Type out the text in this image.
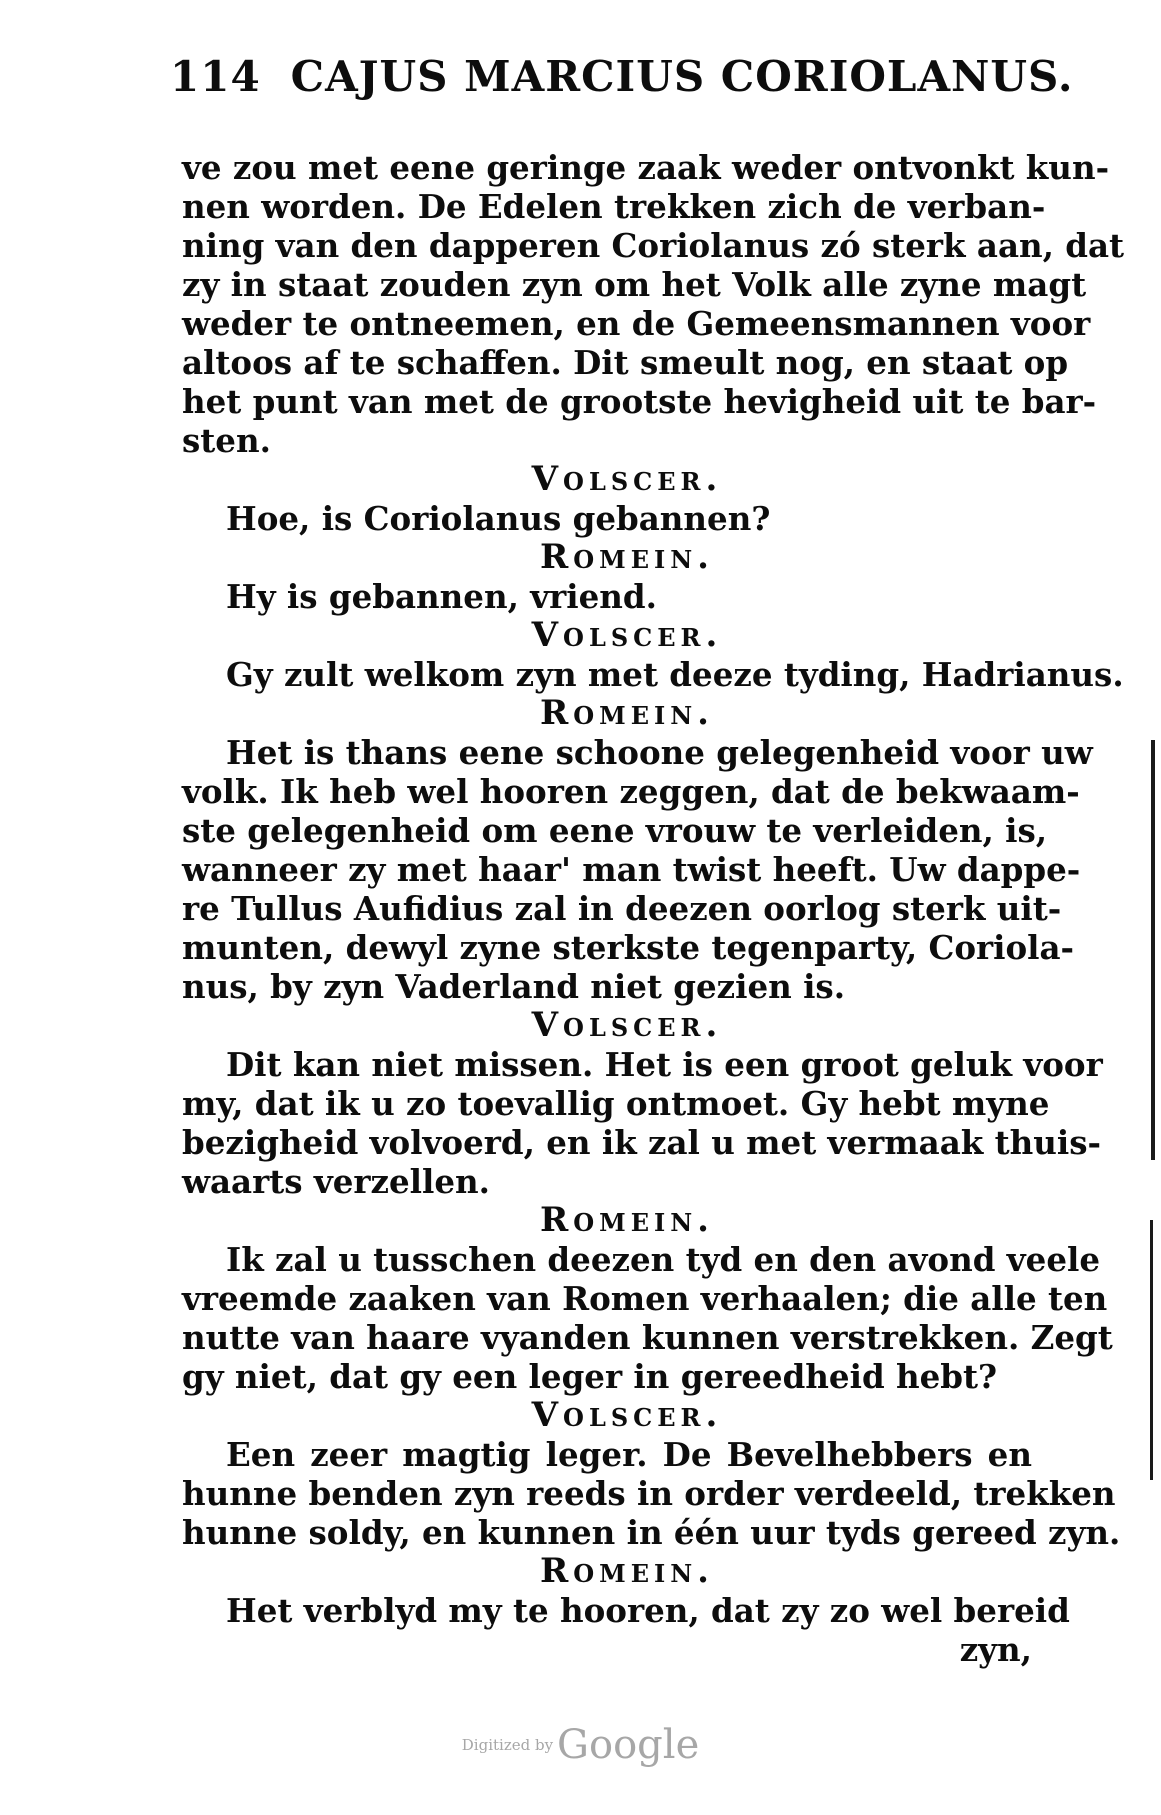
114 CAJUS MARCIUS CORIOLANUS.
ve zou met eene geringe zaak weder ontvonkt kun-
nen worden. De Edelen trekken zich de verban-
ning van den dapperen Coriolanus zó sterk aan, dat
zy in staat zouden zyn om het Volk alle zyne magt
weder te ontneemen, en de Gemeensmannen voor
altoos af te schaffen. Dit smeult nog, en staat op
het punt van met de grootste hevigheid uit te bar-
sten.
Volscer.
Hoe, is Coriolanus gebannen?
Romein.
Hy is gebannen, vriend.
Volscer.
Gy zult welkom zyn met deeze tyding, Hadrianus.
Romein.
Het is thans eene schoone gelegenheid voor uw
volk. Ik heb wel hooren zeggen, dat de bekwaam-
ste gelegenheid om eene vrouw te verleiden, is,
wanneer zy met haar' man twist heeft. Uw dappe-
re Tullus Aufidius zal in deezen oorlog sterk uit-
munten, dewyl zyne sterkste tegenparty, Coriola-
nus, by zyn Vaderland niet gezien is.
Volscer.
Dit kan niet missen. Het is een groot geluk voor
my, dat ik u zo toevallig ontmoet. Gy hebt myne
bezigheid volvoerd, en ik zal u met vermaak thuis-
waarts verzellen.
Romein.
Ik zal u tusschen deezen tyd en den avond veele
vreemde zaaken van Romen verhaalen; die alle ten
nutte van haare vyanden kunnen verstrekken. Zegt
gy niet, dat gy een leger in gereedheid hebt?
Volscer.
Een zeer magtig leger. De Bevelhebbers en
hunne benden zyn reeds in order verdeeld, trekken
hunne soldy, en kunnen in één uur tyds gereed zyn.
Romein.
Het verblyd my te hooren, dat zy zo wel bereid
zyn,
Digitized by Google
